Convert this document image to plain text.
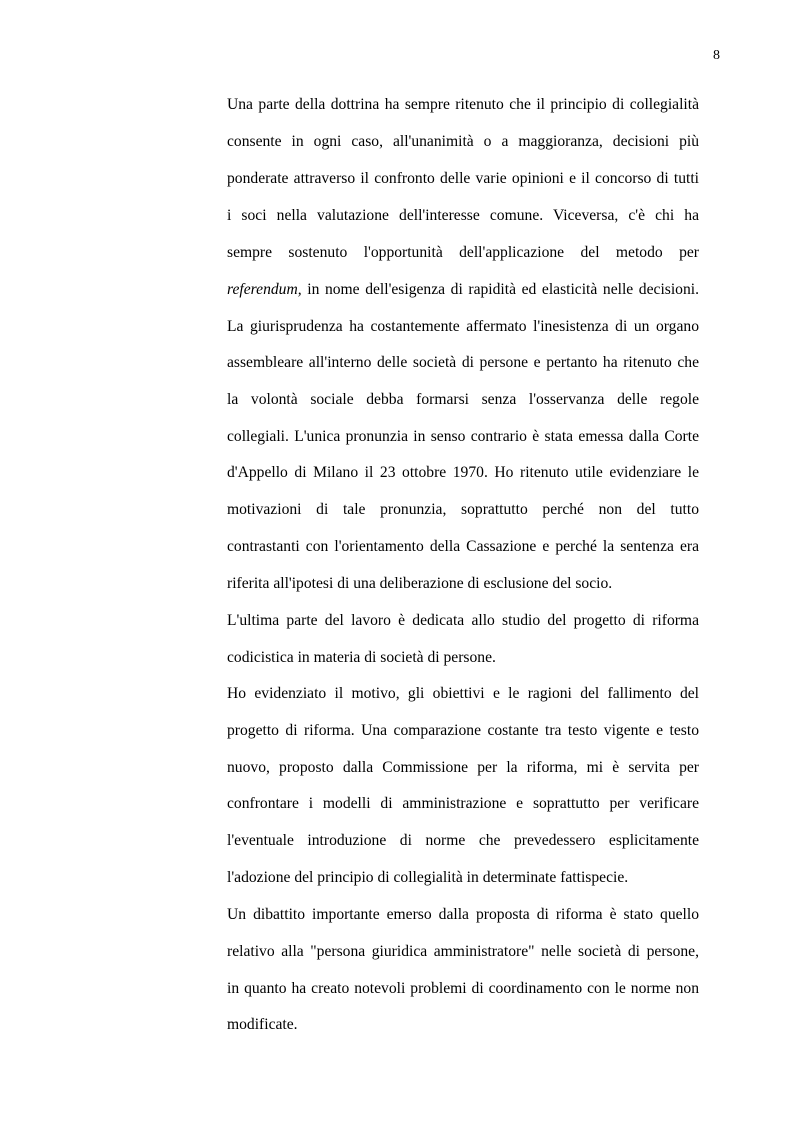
8
Una parte della dottrina ha sempre ritenuto che il principio di collegialità
consente in ogni caso, all'unanimità o a maggioranza, decisioni più
ponderate attraverso il confronto delle varie opinioni e il concorso di tutti
i soci nella valutazione dell'interesse comune. Viceversa, c'è chi ha
sempre sostenuto l'opportunità dell'applicazione del metodo per
referendum, in nome dell'esigenza di rapidità ed elasticità nelle decisioni.
La giurisprudenza ha costantemente affermato l'inesistenza di un organo
assembleare all'interno delle società di persone e pertanto ha ritenuto che
la volontà sociale debba formarsi senza l'osservanza delle regole
collegiali. L'unica pronunzia in senso contrario è stata emessa dalla Corte
d'Appello di Milano il 23 ottobre 1970. Ho ritenuto utile evidenziare le
motivazioni di tale pronunzia, soprattutto perché non del tutto
contrastanti con l'orientamento della Cassazione e perché la sentenza era
riferita all'ipotesi di una deliberazione di esclusione del socio.
L'ultima parte del lavoro è dedicata allo studio del progetto di riforma
codicistica in materia di società di persone.
Ho evidenziato il motivo, gli obiettivi e le ragioni del fallimento del
progetto di riforma. Una comparazione costante tra testo vigente e testo
nuovo, proposto dalla Commissione per la riforma, mi è servita per
confrontare i modelli di amministrazione e soprattutto per verificare
l'eventuale introduzione di norme che prevedessero esplicitamente
l'adozione del principio di collegialità in determinate fattispecie.
Un dibattito importante emerso dalla proposta di riforma è stato quello
relativo alla "persona giuridica amministratore" nelle società di persone,
in quanto ha creato notevoli problemi di coordinamento con le norme non
modificate.
